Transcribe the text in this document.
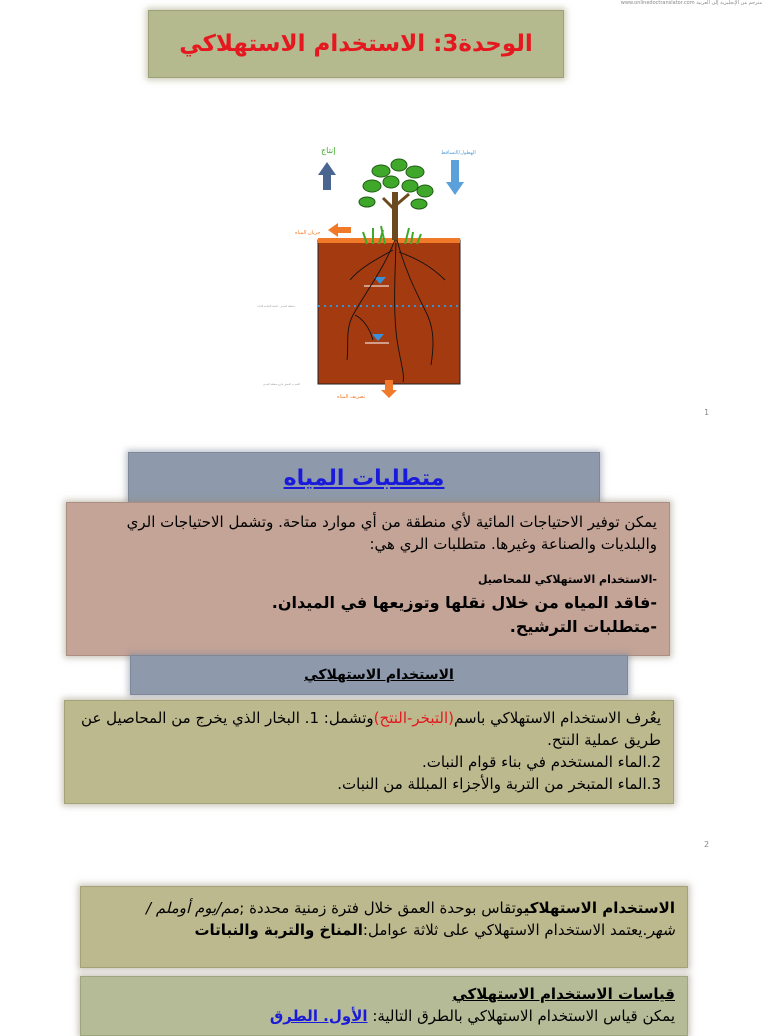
www.onlinedoctranslator.com مترجم من الإنجليزية إلى العربية
الوحدة3: الاستخدام الاستهلاكي
إنتاج	الهطول/التساقط
جريان المياه
تصريف المياه
منطقة الجذور - المياه المتاحة للنبات
التسرب العميق خارج منطقة الجذور
1
متطلبات المياه

يمكن توفير الاحتياجات المائية لأي منطقة من أي موارد متاحة. وتشمل الاحتياجات الري والبلديات والصناعة وغيرها. متطلبات الري هي:

-الاستخدام الاستهلاكي للمحاصيل

-فاقد المياه من خلال نقلها وتوزيعها في الميدان.

-متطلبات الترشيح.

الاستخدام الاستهلاكي

يعُرف الاستخدام الاستهلاكي باسم(التبخر-النتح)وتشمل: 1. البخار الذي يخرج من المحاصيل عن طريق عملية النتح.

2.الماء المستخدم في بناء قوام النبات.

3.الماء المتبخر من التربة والأجزاء المبللة من النبات.

2

الاستخدام الاستهلاكيوتقاس بوحدة العمق خلال فترة زمنية محددة ;مم/يوم أوملم /شهر.يعتمد الاستخدام الاستهلاكي على ثلاثة عوامل:المناخ والتربة والنباتات

قياسات الاستخدام الاستهلاكي

يمكن قياس الاستخدام الاستهلاكي بالطرق التالية: الأول. الطرق
